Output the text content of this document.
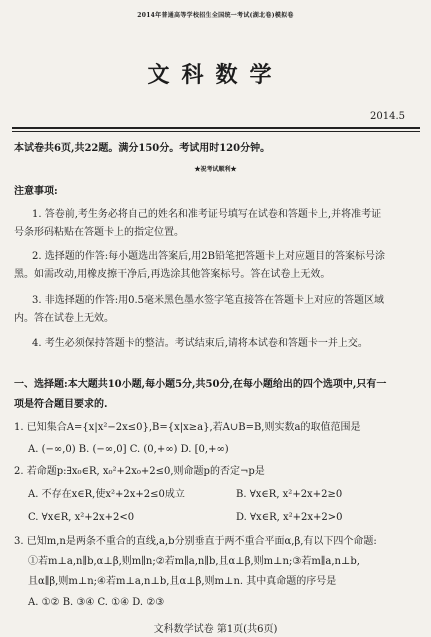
2014年普通高等学校招生全国统一考试(湖北卷)模拟卷
文科数学
2014.5
本试卷共6页,共22题。满分150分。考试用时120分钟。
★祝考试顺利★
注意事项:
1. 答卷前,考生务必将自己的姓名和准考证号填写在试卷和答题卡上,并将准考证
号条形码粘贴在答题卡上的指定位置。
2. 选择题的作答:每小题选出答案后,用2B铅笔把答题卡上对应题目的答案标号涂
黑。如需改动,用橡皮擦干净后,再选涂其他答案标号。答在试卷上无效。
3. 非选择题的作答:用0.5毫米黑色墨水签字笔直接答在答题卡上对应的答题区域
内。答在试卷上无效。
4. 考生必须保持答题卡的整洁。考试结束后,请将本试卷和答题卡一并上交。
一、选择题:本大题共10小题,每小题5分,共50分,在每小题给出的四个选项中,只有一
项是符合题目要求的.
1. 已知集合A={x|x²−2x≤0},B={x|x≥a},若A∪B=B,则实数a的取值范围是
A. (−∞,0) B. (−∞,0] C. (0,+∞) D. [0,+∞)
2. 若命题p:∃x₀∈R, x₀²+2x₀+2≤0,则命题p的否定¬p是
A. 不存在x∈R,使x²+2x+2≤0成立	B. ∀x∈R, x²+2x+2≥0
C. ∀x∈R, x²+2x+2<0	D. ∀x∈R, x²+2x+2>0
3. 已知m,n是两条不重合的直线,a,b分别垂直于两不重合平面α,β,有以下四个命题:
①若m⊥a,n∥b,α⊥β,则m∥n;②若m∥a,n∥b,且α⊥β,则m⊥n;③若m∥a,n⊥b,
且α∥β,则m⊥n;④若m⊥a,n⊥b,且α⊥β,则m⊥n. 其中真命题的序号是
A. ①② B. ③④ C. ①④ D. ②③
文科数学试卷 第1页(共6页)
